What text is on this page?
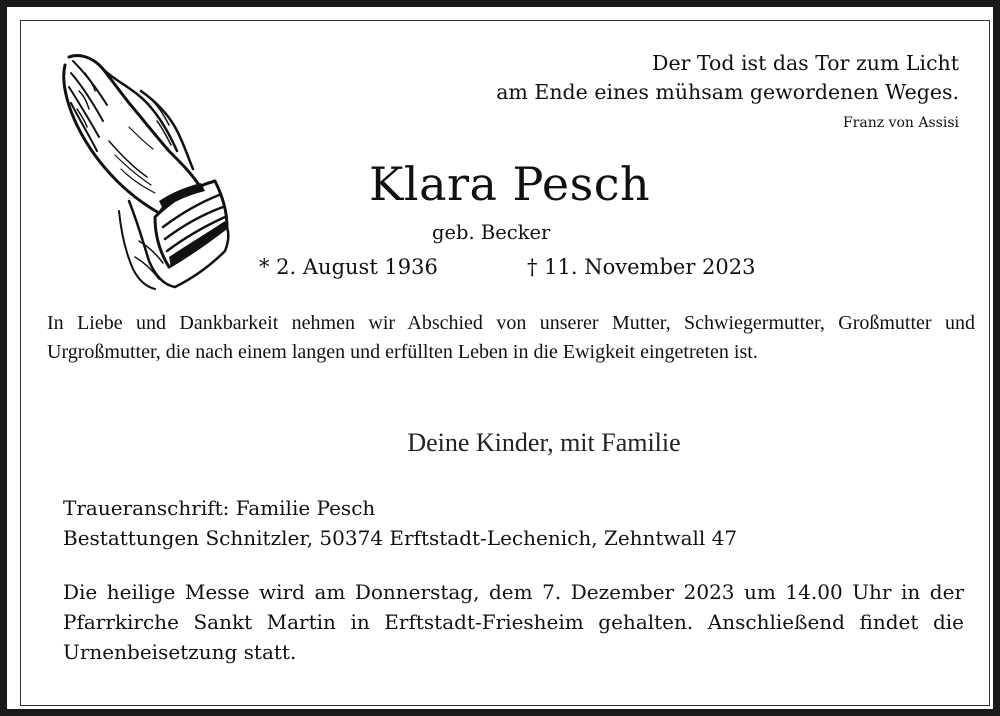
Der Tod ist das Tor zum Licht
am Ende eines mühsam gewordenen Weges.
Franz von Assisi
Klara Pesch
geb. Becker
* 2. August 1936	† 11. November 2023
In Liebe und Dankbarkeit nehmen wir Abschied von unserer Mutter, Schwiegermutter, Großmutter und Urgroßmutter, die nach einem langen und erfüllten Leben in die Ewigkeit eingetreten ist.
Deine Kinder, mit Familie
Traueranschrift: Familie Pesch
Bestattungen Schnitzler, 50374 Erftstadt-Lechenich, Zehntwall 47
Die heilige Messe wird am Donnerstag, dem 7. Dezember 2023 um 14.00 Uhr in der Pfarrkirche Sankt Martin in Erftstadt-Friesheim gehalten. Anschließend findet die Urnenbeisetzung statt.
